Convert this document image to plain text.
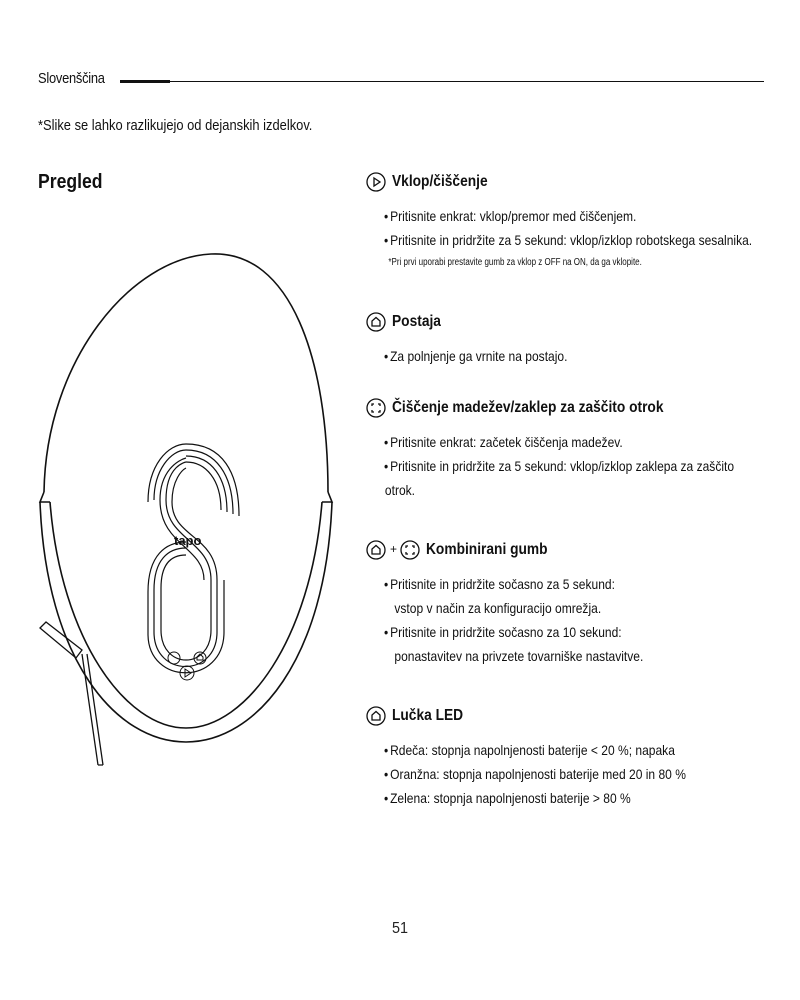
Slovenščina
*Slike se lahko razlikujejo od dejanskih izdelkov.
Pregled
tapo
Vklop/čiščenje
• Pritisnite enkrat: vklop/premor med čiščenjem.
• Pritisnite in pridržite za 5 sekund: vklop/izklop robotskega sesalnika.
*Pri prvi uporabi prestavite gumb za vklop z OFF na ON, da ga vklopite.
Postaja
• Za polnjenje ga vrnite na postajo.
Čiščenje madežev/zaklep za zaščito otrok
• Pritisnite enkrat: začetek čiščenja madežev.
• Pritisnite in pridržite za 5 sekund: vklop/izklop zaklepa za zaščito
otrok.
+ Kombinirani gumb
• Pritisnite in pridržite sočasno za 5 sekund:
vstop v način za konfiguracijo omrežja.
• Pritisnite in pridržite sočasno za 10 sekund:
ponastavitev na privzete tovarniške nastavitve.
Lučka LED
• Rdeča: stopnja napolnjenosti baterije < 20 %; napaka
• Oranžna: stopnja napolnjenosti baterije med 20 in 80 %
• Zelena: stopnja napolnjenosti baterije > 80 %
51
